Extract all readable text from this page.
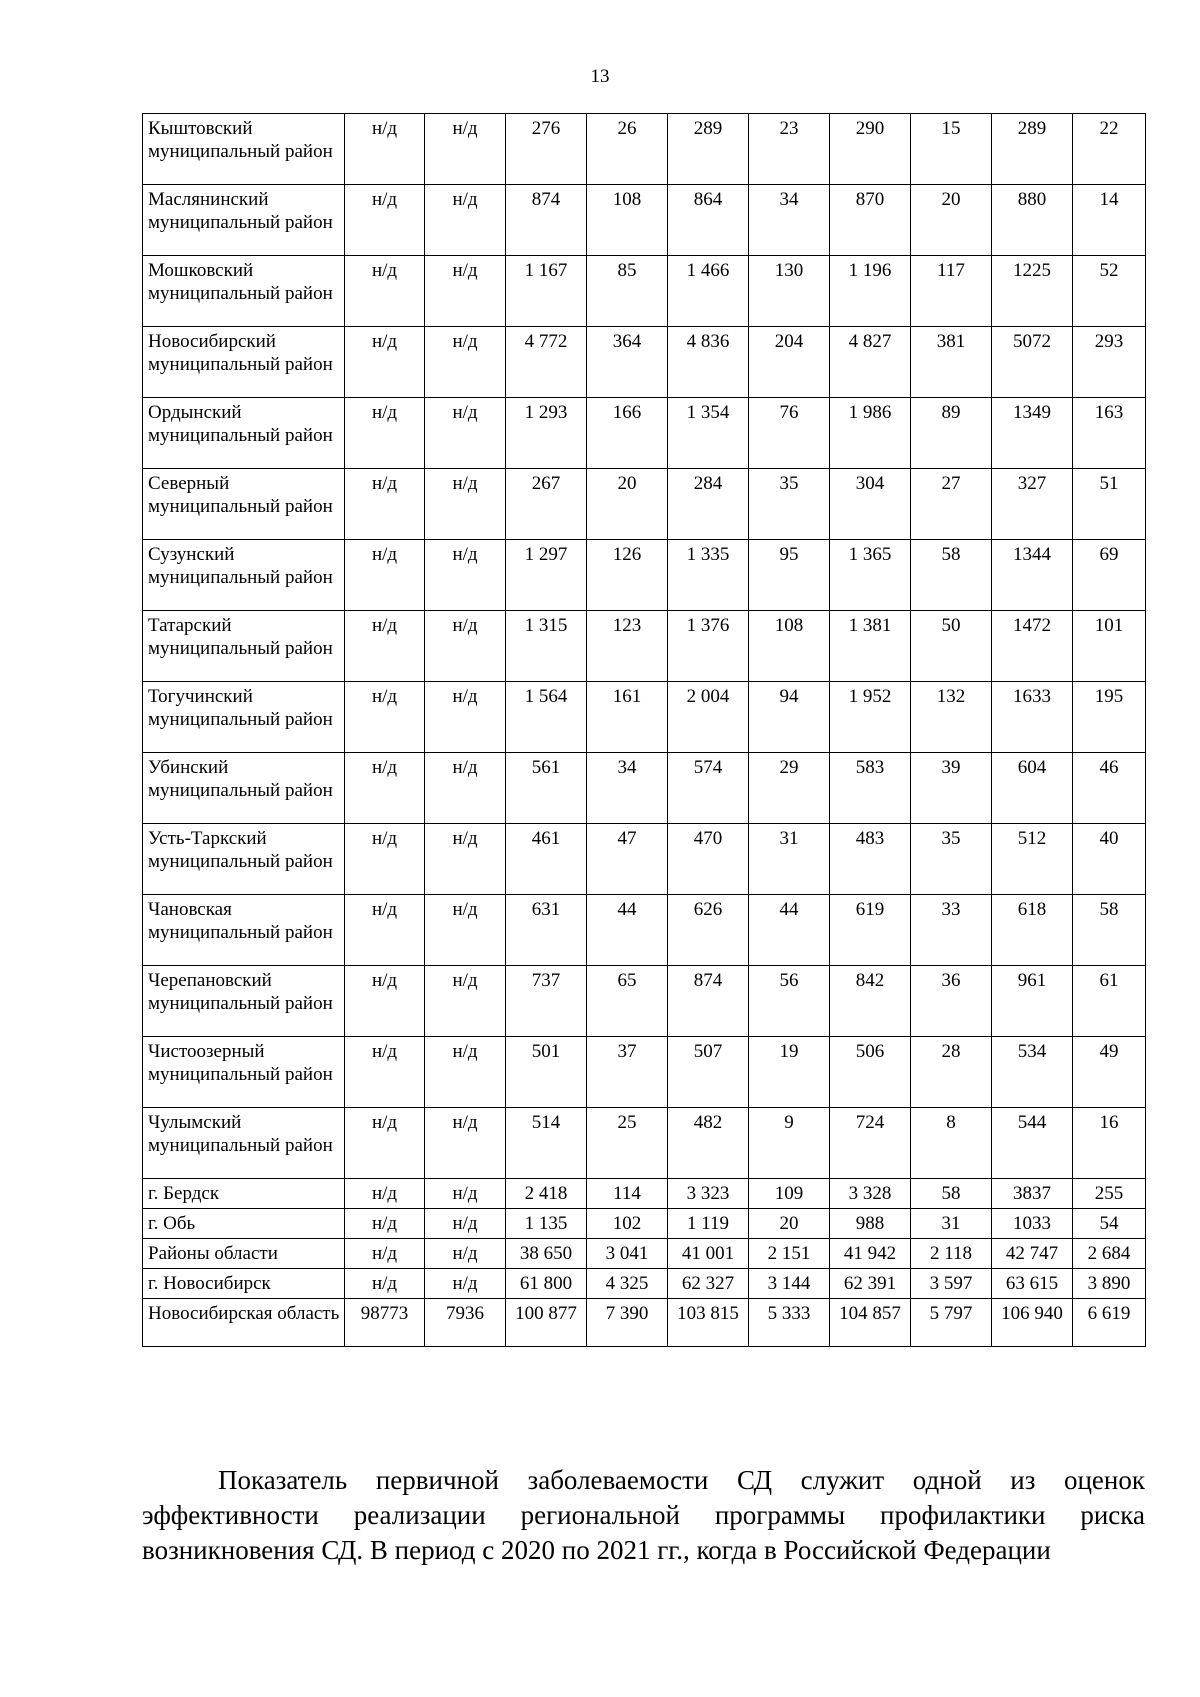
13
Кыштовский муниципальный район	н/д	н/д	276	26	289	23	290	15	289	22
Маслянинский муниципальный район	н/д	н/д	874	108	864	34	870	20	880	14
Мошковский муниципальный район	н/д	н/д	1 167	85	1 466	130	1 196	117	1225	52
Новосибирский муниципальный район	н/д	н/д	4 772	364	4 836	204	4 827	381	5072	293
Ордынский муниципальный район	н/д	н/д	1 293	166	1 354	76	1 986	89	1349	163
Северный муниципальный район	н/д	н/д	267	20	284	35	304	27	327	51
Сузунский муниципальный район	н/д	н/д	1 297	126	1 335	95	1 365	58	1344	69
Татарский муниципальный район	н/д	н/д	1 315	123	1 376	108	1 381	50	1472	101
Тогучинский муниципальный район	н/д	н/д	1 564	161	2 004	94	1 952	132	1633	195
Убинский муниципальный район	н/д	н/д	561	34	574	29	583	39	604	46
Усть-Таркский муниципальный район	н/д	н/д	461	47	470	31	483	35	512	40
Чановская муниципальный район	н/д	н/д	631	44	626	44	619	33	618	58
Черепановский муниципальный район	н/д	н/д	737	65	874	56	842	36	961	61
Чистоозерный муниципальный район	н/д	н/д	501	37	507	19	506	28	534	49
Чулымский муниципальный район	н/д	н/д	514	25	482	9	724	8	544	16
г. Бердск	н/д	н/д	2 418	114	3 323	109	3 328	58	3837	255
г. Обь	н/д	н/д	1 135	102	1 119	20	988	31	1033	54
Районы области	н/д	н/д	38 650	3 041	41 001	2 151	41 942	2 118	42 747	2 684
г. Новосибирск	н/д	н/д	61 800	4 325	62 327	3 144	62 391	3 597	63 615	3 890
Новосибирская область	98773	7936	100 877	7 390	103 815	5 333	104 857	5 797	106 940	6 619

Показатель первичной заболеваемости СД служит одной из оценок эффективности реализации региональной программы профилактики риска возникновения СД. В период с 2020 по 2021 гг., когда в Российской Федерации
